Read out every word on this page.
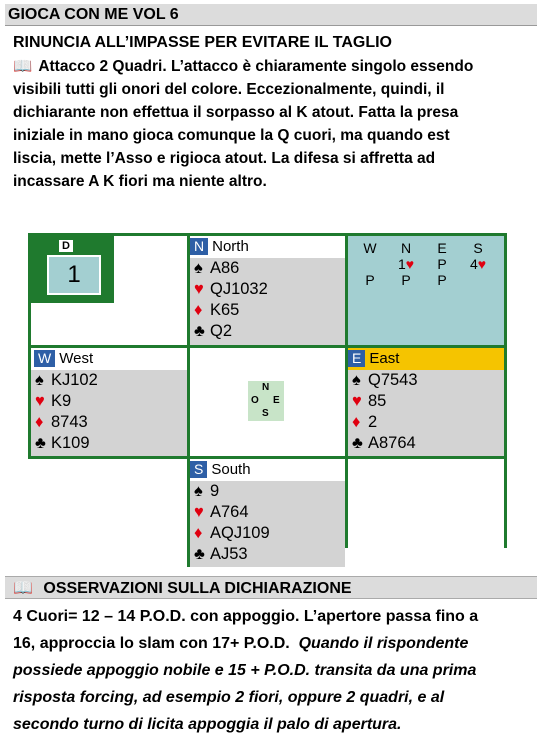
GIOCA CON ME VOL 6
RINUNCIA ALL’IMPASSE PER EVITARE IL TAGLIO
📖 Attacco 2 Quadri. L’attacco è chiaramente singolo essendo
visibili tutti gli onori del colore. Eccezionalmente, quindi, il
dichiarante non effettua il sorpasso al K atout. Fatta la presa
iniziale in mano gioca comunque la Q cuori, ma quando est
liscia, mette l’Asso e rigioca atout. La difesa si affretta ad
incassare A K fiori ma niente altro.
D
1
N North
♠ A86
♥ QJ1032
♦ K65
♣ Q2
W	N	E	S
	1♥	P	4♥
P	P	P	
W West
♠ KJ102
♥ K9
♦ 8743
♣ K109
N
O E
S
E East
♠ Q7543
♥ 85
♦ 2
♣ A8764
S South
♠ 9
♥ A764
♦ AQJ109
♣ AJ53
📖 OSSERVAZIONI SULLA DICHIARAZIONE
4 Cuori= 12 – 14 P.O.D. con appoggio. L’apertore passa fino a
16, approccia lo slam con 17+ P.O.D. Quando il rispondente
possiede appoggio nobile e 15 + P.O.D. transita da una prima
risposta forcing, ad esempio 2 fiori, oppure 2 quadri, e al
secondo turno di licita appoggia il palo di apertura.
